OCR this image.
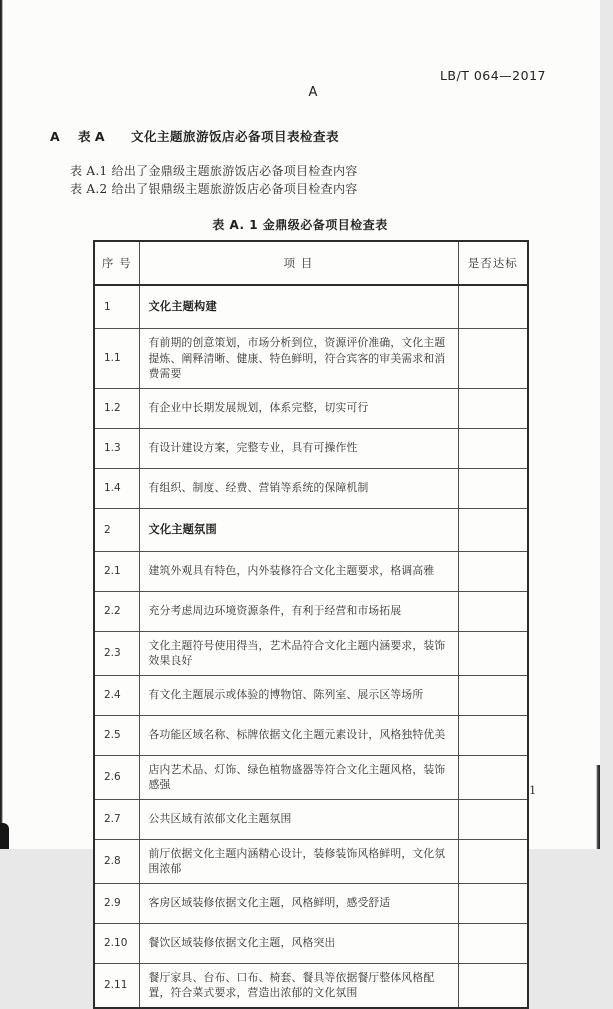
LB/T 064—2017
A
A 表 A 文化主题旅游饭店必备项目表检查表
表 A.1 给出了金鼎级主题旅游饭店必备项目检查内容
表 A.2 给出了银鼎级主题旅游饭店必备项目检查内容
表 A. 1 金鼎级必备项目检查表
序 号	项 目	是否达标
1	文化主题构建	
1.1	有前期的创意策划，市场分析到位，资源评价准确，文化主题提炼、阐释清晰、健康、特色鲜明，符合宾客的审美需求和消费需要	
1.2	有企业中长期发展规划，体系完整，切实可行	
1.3	有设计建设方案，完整专业，具有可操作性	
1.4	有组织、制度、经费、营销等系统的保障机制	
2	文化主题氛围	
2.1	建筑外观具有特色，内外装修符合文化主题要求，格调高雅	
2.2	充分考虑周边环境资源条件，有利于经营和市场拓展	
2.3	文化主题符号使用得当，艺术品符合文化主题内涵要求，装饰效果良好	
2.4	有文化主题展示或体验的博物馆、陈列室、展示区等场所	
2.5	各功能区域名称、标牌依据文化主题元素设计，风格独特优美	
2.6	店内艺术品、灯饰、绿色植物盛器等符合文化主题风格，装饰感强	
2.7	公共区域有浓郁文化主题氛围	
2.8	前厅依据文化主题内涵精心设计，装修装饰风格鲜明，文化氛围浓郁	
2.9	客房区域装修依据文化主题，风格鲜明，感受舒适	
2.10	餐饮区域装修依据文化主题，风格突出	
2.11	餐厅家具、台布、口布、椅套、餐具等依据餐厅整体风格配置，符合菜式要求，营造出浓郁的文化氛围	
1
